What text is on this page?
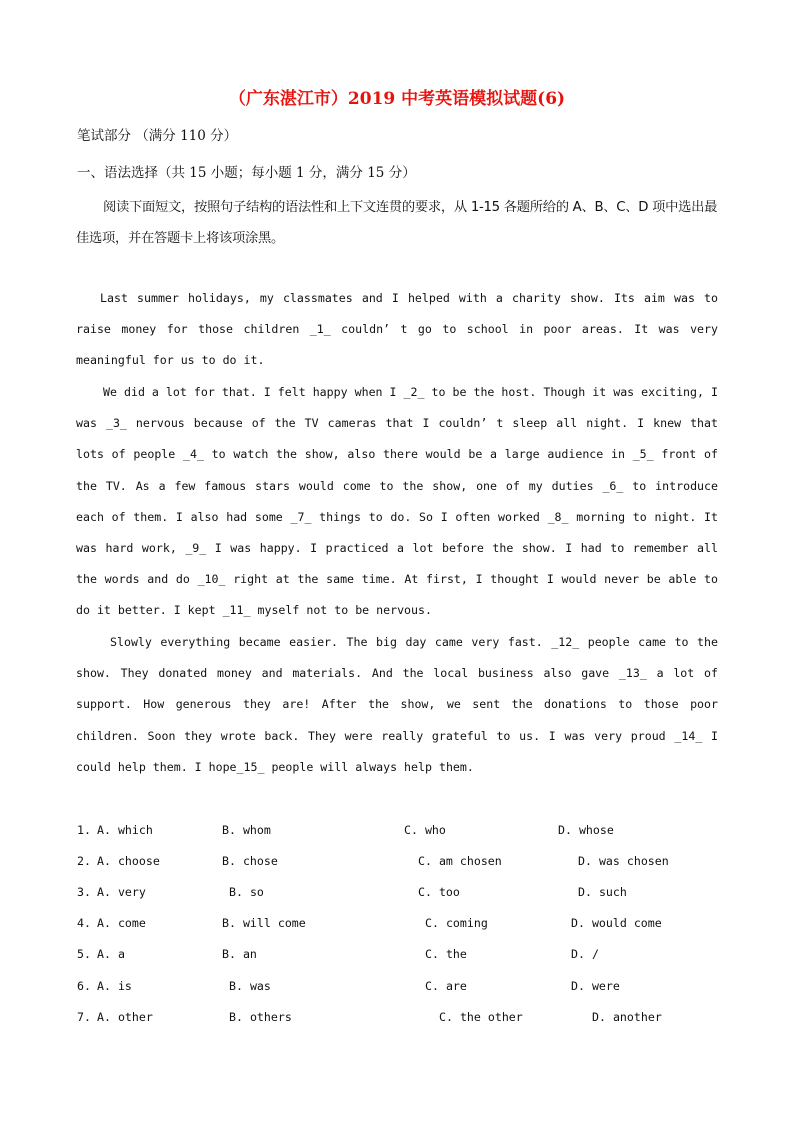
（广东湛江市）2019 中考英语模拟试题(6)
笔试部分 （满分 110 分）
一、语法选择（共 15 小题；每小题 1 分，满分 15 分）
阅读下面短文，按照句子结构的语法性和上下文连贯的要求，从 1-15 各题所给的 A、B、C、D 项中选出最佳选项，并在答题卡上将该项涂黑。
Last summer holidays, my classmates and I helped with a charity show. Its aim was to raise money for those children _1_ couldn’ t go to school in poor areas. It was very meaningful for us to do it.
We did a lot for that. I felt happy when I _2_ to be the host. Though it was exciting, I was _3_ nervous because of the TV cameras that I couldn’ t sleep all night. I knew that lots of people _4_ to watch the show, also there would be a large audience in _5_ front of the TV. As a few famous stars would come to the show, one of my duties _6_ to introduce each of them. I also had some _7_ things to do. So I often worked _8_ morning to night. It was hard work, _9_ I was happy. I practiced a lot before the show. I had to remember all the words and do _10_ right at the same time. At first, I thought I would never be able to do it better. I kept _11_ myself not to be nervous.
Slowly everything became easier. The big day came very fast. _12_ people came to the show. They donated money and materials. And the local business also gave _13_ a lot of support. How generous they are! After the show, we sent the donations to those poor children. Soon they wrote back. They were really grateful to us. I was very proud _14_ I could help them. I hope_15_ people will always help them.
1. A. which	B. whom	C. who	D. whose
2. A. choose	B. chose	C. am chosen	D. was chosen
3. A. very	B. so	C. too	D. such
4. A. come	B. will come	C. coming	D. would come
5. A. a	B. an	C. the	D. /
6. A. is	B. was	C. are	D. were
7. A. other	B. others	C. the other	D. another
